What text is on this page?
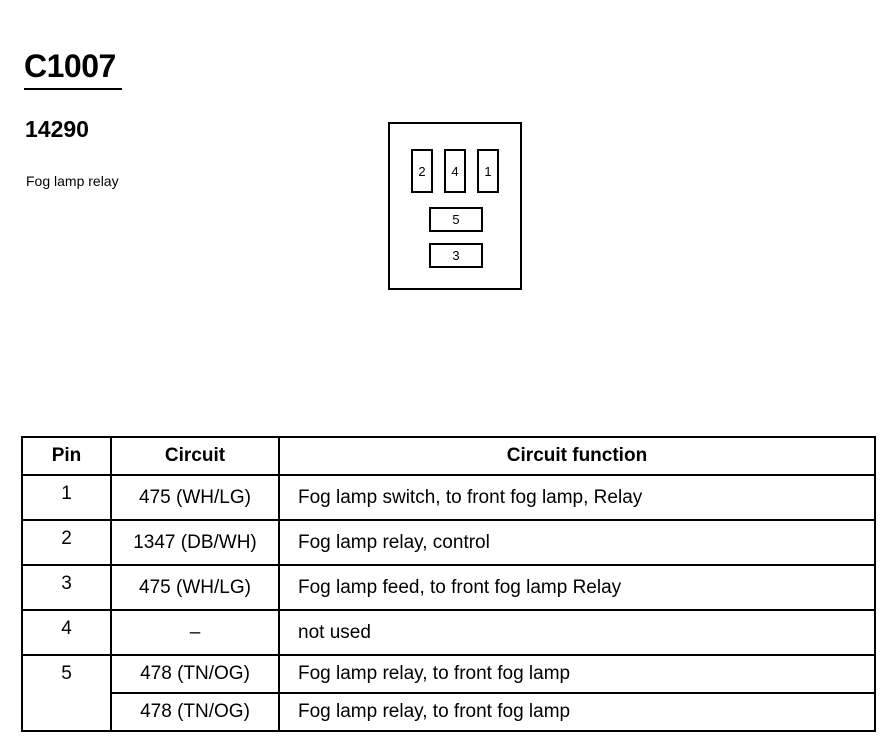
C1007
14290
Fog lamp relay
2	4	1
5
3
Pin	Circuit	Circuit function
1	475 (WH/LG)	Fog lamp switch, to front fog lamp, Relay
2	1347 (DB/WH)	Fog lamp relay, control
3	475 (WH/LG)	Fog lamp feed, to front fog lamp Relay
4	–	not used
5	478 (TN/OG)	Fog lamp relay, to front fog lamp
	478 (TN/OG)	Fog lamp relay, to front fog lamp
